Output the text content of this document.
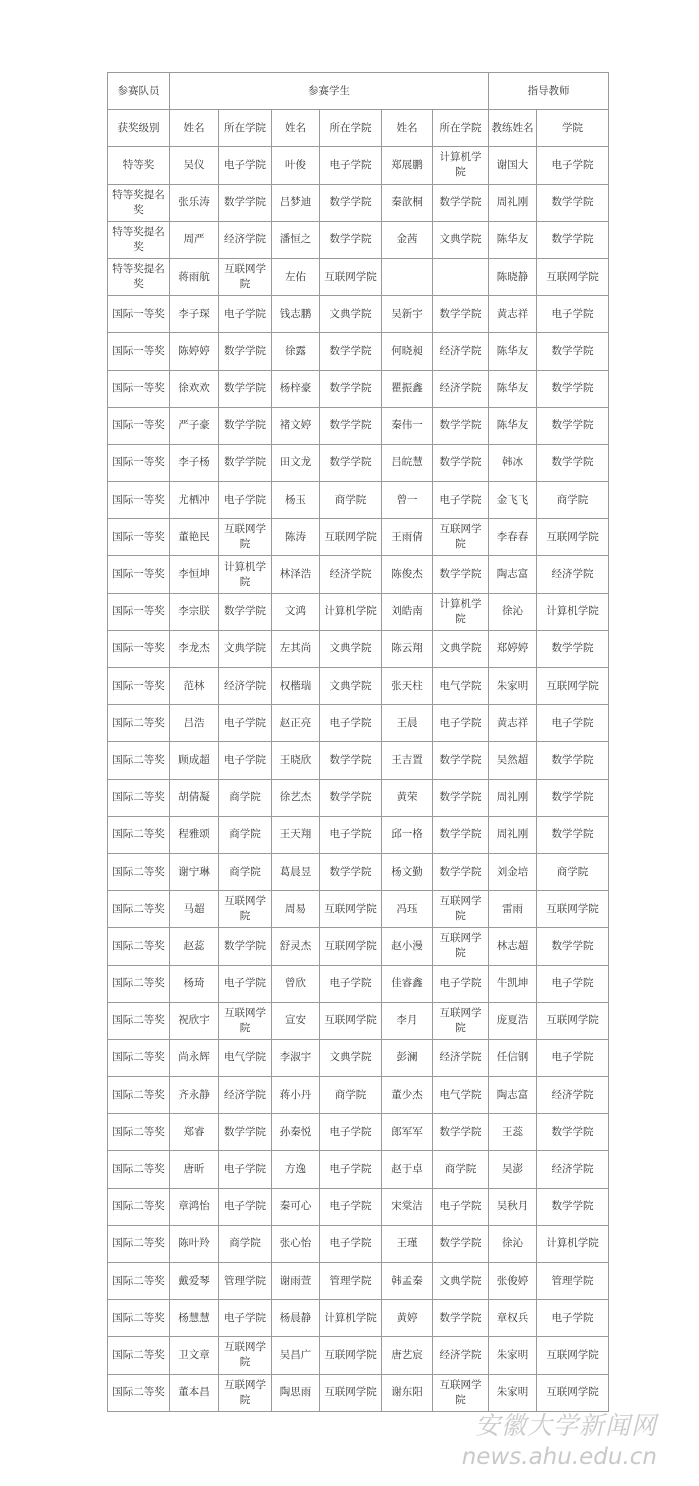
参赛队员	参赛学生						指导教师	
获奖级别	姓名	所在学院	姓名	所在学院	姓名	所在学院	教练姓名	学院
特等奖	吴仪	电子学院	叶俊	电子学院	郑展鹏	计算机学院	谢国大	电子学院
特等奖提名奖	张乐涛	数学学院	吕梦迪	数学学院	秦歆桐	数学学院	周礼刚	数学学院
特等奖提名奖	周严	经济学院	潘恒之	数学学院	金茜	文典学院	陈华友	数学学院
特等奖提名奖	蒋雨航	互联网学院	左佑	互联网学院			陈晓静	互联网学院
国际一等奖	李子琛	电子学院	钱志鹏	文典学院	吴新宇	数学学院	黄志祥	电子学院
国际一等奖	陈婷婷	数学学院	徐露	数学学院	何晓昶	经济学院	陈华友	数学学院
国际一等奖	徐欢欢	数学学院	杨梓豪	数学学院	瞿振鑫	经济学院	陈华友	数学学院
国际一等奖	严子豪	数学学院	褚文婷	数学学院	秦伟一	数学学院	陈华友	数学学院
国际一等奖	李子杨	数学学院	田文龙	数学学院	吕皖慧	数学学院	韩冰	数学学院
国际一等奖	尤栖冲	电子学院	杨玉	商学院	曾一	电子学院	金飞飞	商学院
国际一等奖	董艳民	互联网学院	陈涛	互联网学院	王雨倩	互联网学院	李春春	互联网学院
国际一等奖	李恒坤	计算机学院	林泽浩	经济学院	陈俊杰	数学学院	陶志富	经济学院
国际一等奖	李宗朕	数学学院	文鸿	计算机学院	刘皓南	计算机学院	徐沁	计算机学院
国际一等奖	李龙杰	文典学院	左其尚	文典学院	陈云翔	文典学院	郑婷婷	数学学院
国际一等奖	范林	经济学院	权楷瑞	文典学院	张天柱	电气学院	朱家明	互联网学院
国际二等奖	吕浩	电子学院	赵正亮	电子学院	王晨	电子学院	黄志祥	电子学院
国际二等奖	顾成超	电子学院	王晓欣	数学学院	王吉置	数学学院	吴然超	数学学院
国际二等奖	胡倩凝	商学院	徐艺杰	数学学院	黄荣	数学学院	周礼刚	数学学院
国际二等奖	程雅颂	商学院	王天翔	电子学院	邱一格	数学学院	周礼刚	数学学院
国际二等奖	谢宁琳	商学院	葛晨昱	数学学院	杨文勤	数学学院	刘金培	商学院
国际二等奖	马超	互联网学院	周易	互联网学院	冯珏	互联网学院	雷雨	互联网学院
国际二等奖	赵蕊	数学学院	舒灵杰	互联网学院	赵小漫	互联网学院	林志超	数学学院
国际二等奖	杨琦	电子学院	曾欣	电子学院	佳睿鑫	电子学院	牛凯坤	电子学院
国际二等奖	祝欣宇	互联网学院	宣安	互联网学院	李月	互联网学院	庞夏浩	互联网学院
国际二等奖	尚永辉	电气学院	李淑宇	文典学院	彭澜	经济学院	任信钢	电子学院
国际二等奖	齐永静	经济学院	蒋小丹	商学院	董少杰	电气学院	陶志富	经济学院
国际二等奖	郑睿	数学学院	孙秦悦	电子学院	郎军军	数学学院	王蕊	数学学院
国际二等奖	唐昕	电子学院	方逸	电子学院	赵于卓	商学院	吴澎	经济学院
国际二等奖	章鸿怡	电子学院	秦可心	电子学院	宋棠洁	电子学院	吴秋月	数学学院
国际二等奖	陈叶羚	商学院	张心怡	电子学院	王瑾	数学学院	徐沁	计算机学院
国际二等奖	戴爱琴	管理学院	谢雨萱	管理学院	韩孟秦	文典学院	张俊婷	管理学院
国际二等奖	杨慧慧	电子学院	杨晨静	计算机学院	黄婷	数学学院	章权兵	电子学院
国际二等奖	卫文章	互联网学院	吴昌广	互联网学院	唐艺宸	经济学院	朱家明	互联网学院
国际二等奖	董本昌	互联网学院	陶思雨	互联网学院	谢东阳	互联网学院	朱家明	互联网学院
安徽大学新闻网
news.ahu.edu.cn
